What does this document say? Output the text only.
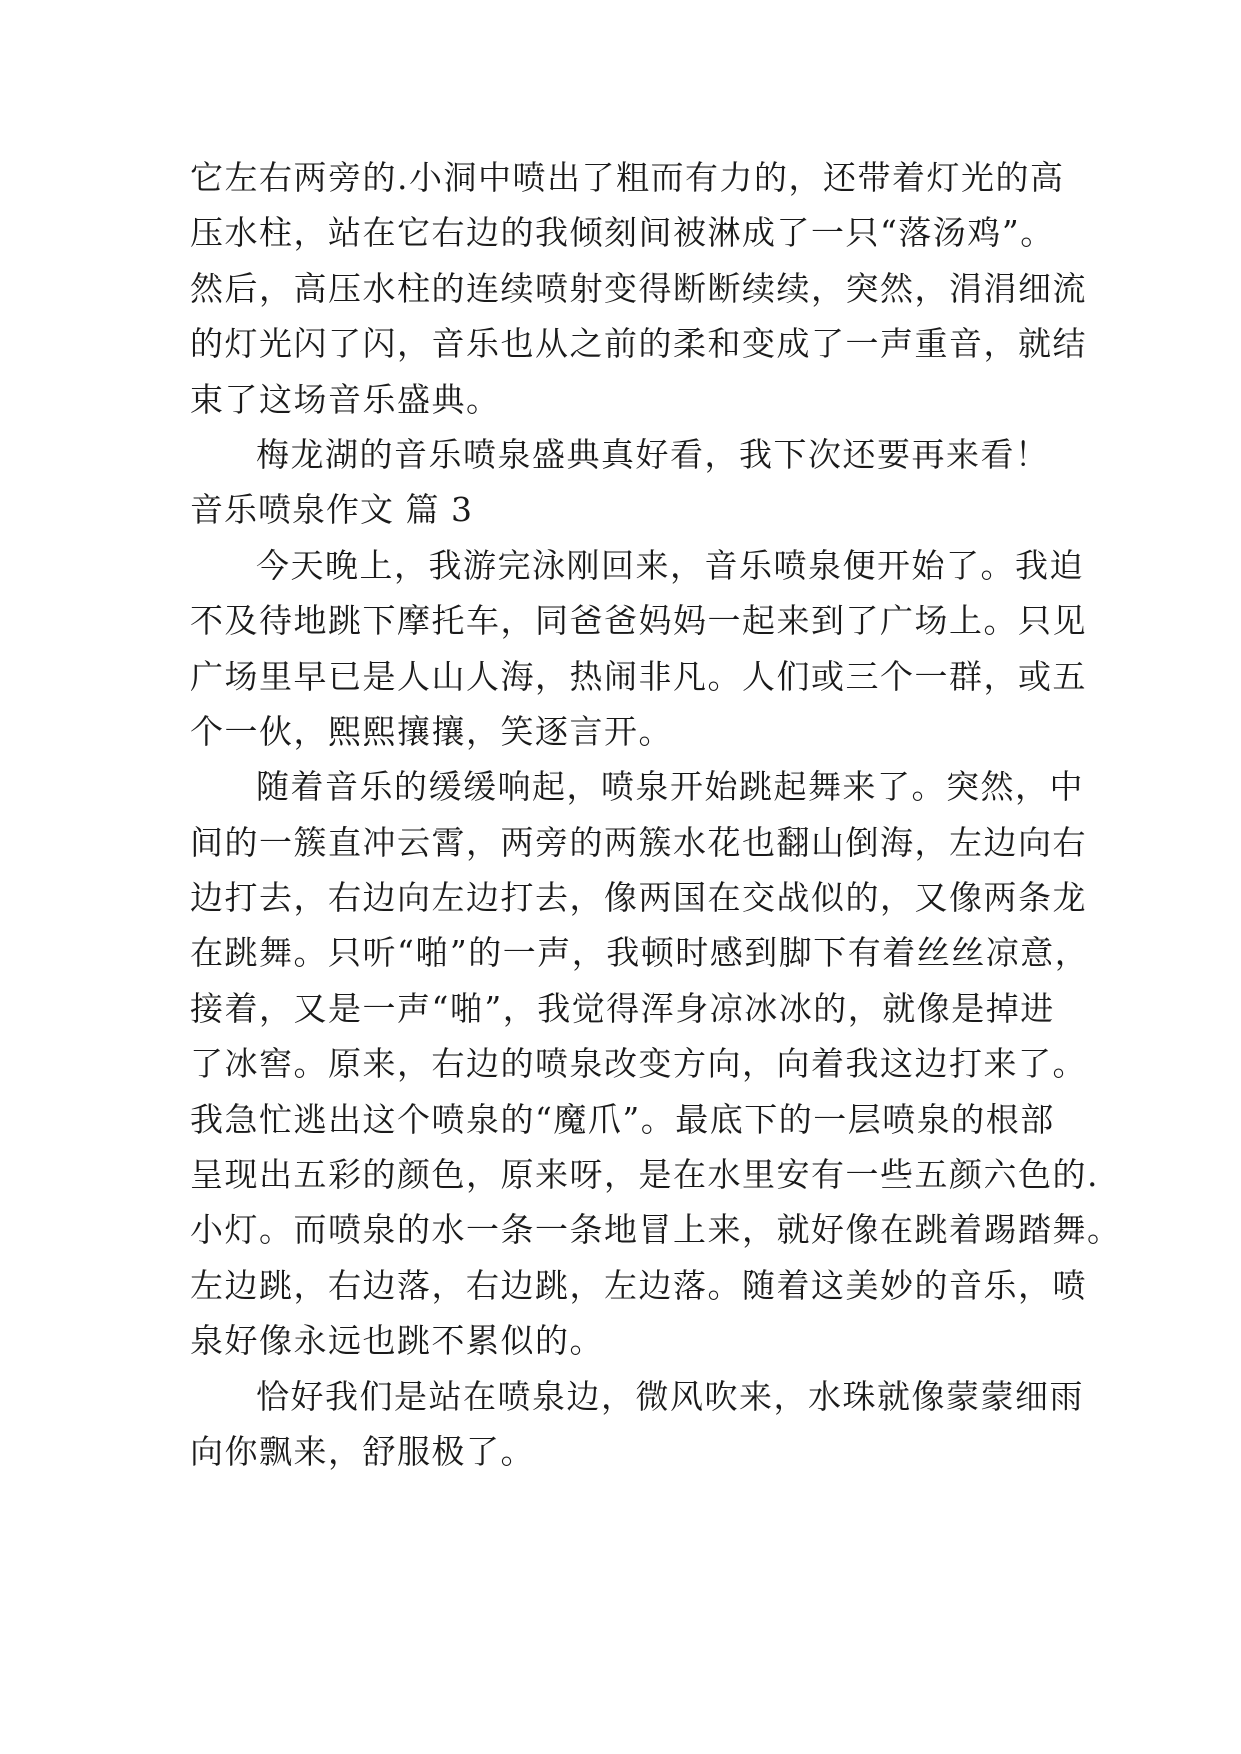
它左右两旁的.小洞中喷出了粗而有力的，还带着灯光的高
压水柱，站在它右边的我倾刻间被淋成了一只“落汤鸡”。
然后，高压水柱的连续喷射变得断断续续，突然，涓涓细流
的灯光闪了闪，音乐也从之前的柔和变成了一声重音，就结
束了这场音乐盛典。
梅龙湖的音乐喷泉盛典真好看，我下次还要再来看！
音乐喷泉作文 篇 3
今天晚上，我游完泳刚回来，音乐喷泉便开始了。我迫
不及待地跳下摩托车，同爸爸妈妈一起来到了广场上。只见
广场里早已是人山人海，热闹非凡。人们或三个一群，或五
个一伙，熙熙攘攘，笑逐言开。
随着音乐的缓缓响起，喷泉开始跳起舞来了。突然，中
间的一簇直冲云霄，两旁的两簇水花也翻山倒海，左边向右
边打去，右边向左边打去，像两国在交战似的，又像两条龙
在跳舞。只听“啪”的一声，我顿时感到脚下有着丝丝凉意，
接着，又是一声“啪”，我觉得浑身凉冰冰的，就像是掉进
了冰窖。原来，右边的喷泉改变方向，向着我这边打来了。
我急忙逃出这个喷泉的“魔爪”。最底下的一层喷泉的根部
呈现出五彩的颜色，原来呀，是在水里安有一些五颜六色的.
小灯。而喷泉的水一条一条地冒上来，就好像在跳着踢踏舞。
左边跳，右边落，右边跳，左边落。随着这美妙的音乐，喷
泉好像永远也跳不累似的。
恰好我们是站在喷泉边，微风吹来，水珠就像蒙蒙细雨
向你飘来，舒服极了。
